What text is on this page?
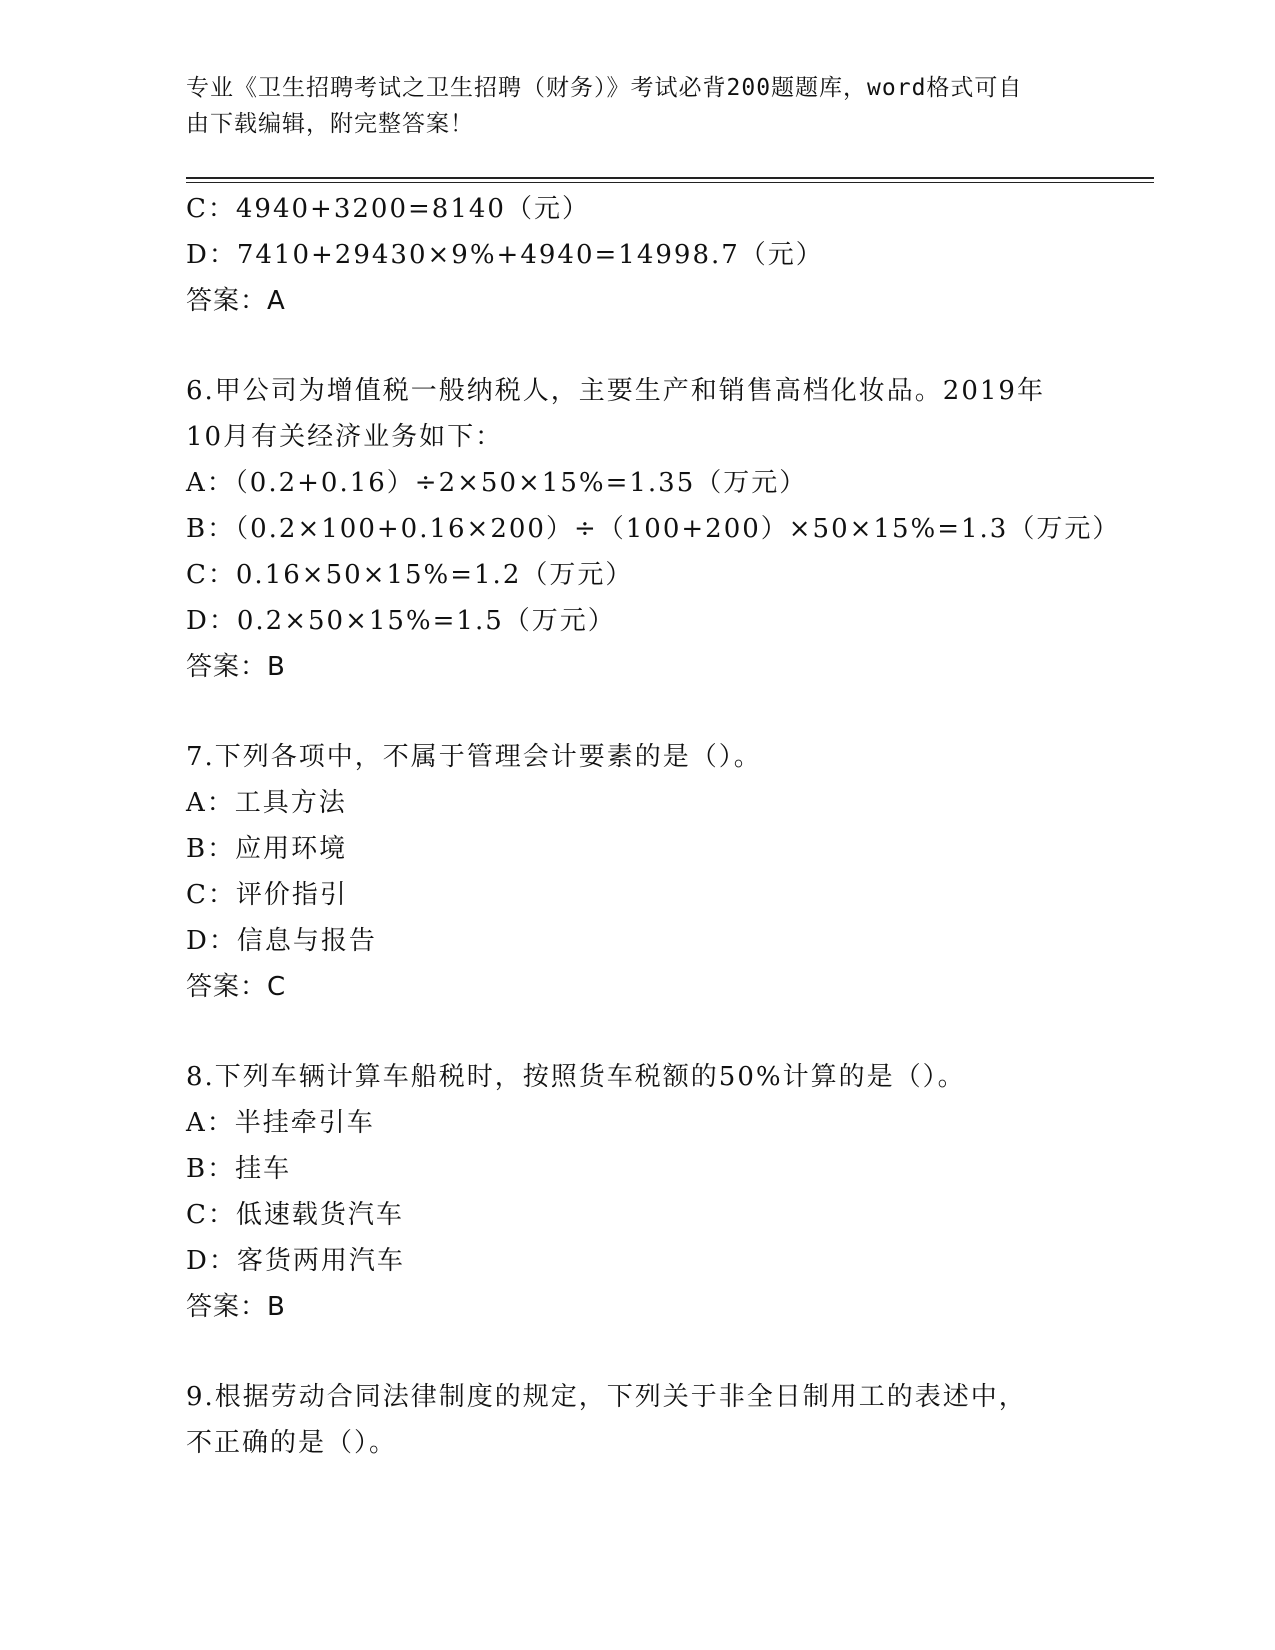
专业《卫生招聘考试之卫生招聘（财务）》考试必背200题题库，word格式可自
由下载编辑，附完整答案！
C：4940+3200=8140（元）
D：7410+29430×9%+4940=14998.7（元）
答案：A
6.甲公司为增值税一般纳税人，主要生产和销售高档化妆品。2019年
10月有关经济业务如下：
A：（0.2+0.16）÷2×50×15%=1.35（万元）
B：（0.2×100+0.16×200）÷（100+200）×50×15%=1.3（万元）
C：0.16×50×15%=1.2（万元）
D：0.2×50×15%=1.5（万元）
答案：B
7.下列各项中，不属于管理会计要素的是（）。
A：工具方法
B：应用环境
C：评价指引
D：信息与报告
答案：C
8.下列车辆计算车船税时，按照货车税额的50%计算的是（）。
A：半挂牵引车
B：挂车
C：低速载货汽车
D：客货两用汽车
答案：B
9.根据劳动合同法律制度的规定，下列关于非全日制用工的表述中，
不正确的是（）。
